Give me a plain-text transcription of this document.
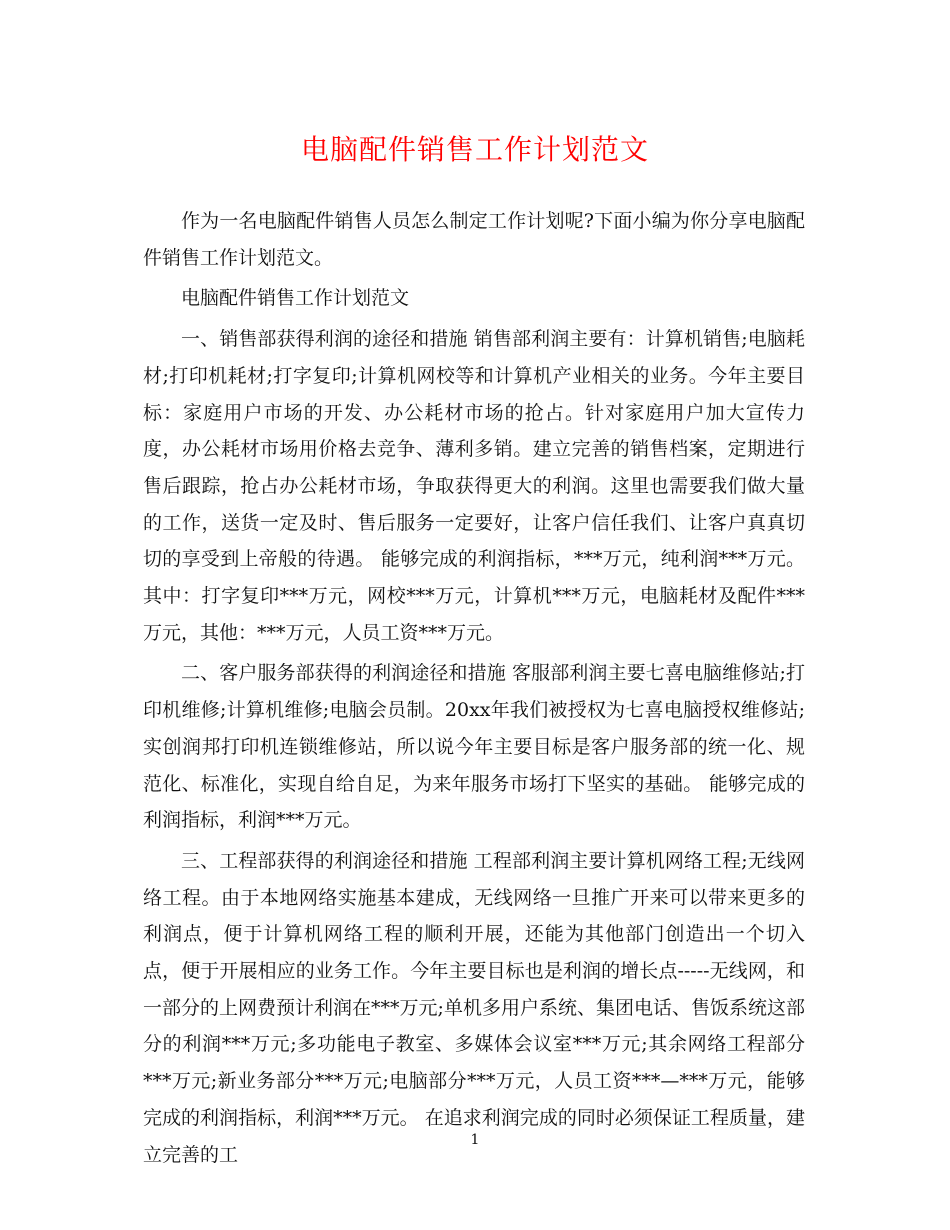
电脑配件销售工作计划范文

作为一名电脑配件销售人员怎么制定工作计划呢?下面小编为你分享电脑配件销售工作计划范文。

电脑配件销售工作计划范文

一、销售部获得利润的途径和措施 销售部利润主要有：计算机销售;电脑耗材;打印机耗材;打字复印;计算机网校等和计算机产业相关的业务。今年主要目标：家庭用户市场的开发、办公耗材市场的抢占。针对家庭用户加大宣传力度，办公耗材市场用价格去竞争、薄利多销。建立完善的销售档案，定期进行售后跟踪，抢占办公耗材市场，争取获得更大的利润。这里也需要我们做大量的工作，送货一定及时、售后服务一定要好，让客户信任我们、让客户真真切切的享受到上帝般的待遇。 能够完成的利润指标，***万元，纯利润***万元。其中：打字复印***万元，网校***万元，计算机***万元，电脑耗材及配件***万元，其他：***万元，人员工资***万元。

二、客户服务部获得的利润途径和措施 客服部利润主要七喜电脑维修站;打印机维修;计算机维修;电脑会员制。20xx年我们被授权为七喜电脑授权维修站;实创润邦打印机连锁维修站，所以说今年主要目标是客户服务部的统一化、规范化、标准化，实现自给自足，为来年服务市场打下坚实的基础。 能够完成的利润指标，利润***万元。

三、工程部获得的利润途径和措施 工程部利润主要计算机网络工程;无线网络工程。由于本地网络实施基本建成，无线网络一旦推广开来可以带来更多的利润点，便于计算机网络工程的顺利开展，还能为其他部门创造出一个切入点，便于开展相应的业务工作。今年主要目标也是利润的增长点-----无线网，和一部分的上网费预计利润在***万元;单机多用户系统、集团电话、售饭系统这部分的利润***万元;多功能电子教室、多媒体会议室***万元;其余网络工程部分***万元;新业务部分***万元;电脑部分***万元，人员工资***—***万元，能够完成的利润指标，利润***万元。 在追求利润完成的同时必须保证工程质量，建立完善的工

1
